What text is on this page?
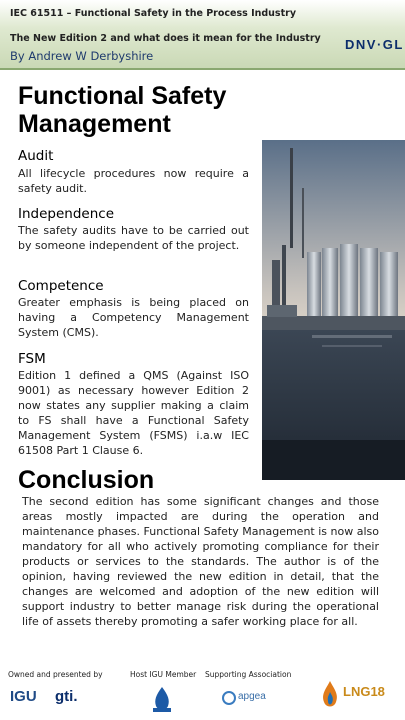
IEC 61511 – Functional Safety in the Process Industry
The New Edition 2 and what does it mean for the Industry
By Andrew W Derbyshire
DNV·GL
Functional Safety Management
Audit
All lifecycle procedures now require a safety audit.
Independence
The safety audits have to be carried out by someone independent of the project.
Competence
Greater emphasis is being placed on having a Competency Management System (CMS).
FSM
Edition 1 defined a QMS (Against ISO 9001) as necessary however Edition 2 now states any supplier making a claim to FS shall have a Functional Safety Management System (FSMS) i.a.w IEC 61508 Part 1 Clause 6.
Conclusion
The second edition has some significant changes and those areas mostly impacted are during the operation and maintenance phases. Functional Safety Management is now also mandatory for all who actively promoting compliance for their products or services to the standards. The author is of the opinion, having reviewed the new edition in detail, that the changes are welcomed and adoption of the new edition will support industry to better manage risk during the operational life of assets thereby promoting a safer working place for all.
Owned and presented by	Host IGU Member Supporting Association
IGU gti.	apgea	LNG18
